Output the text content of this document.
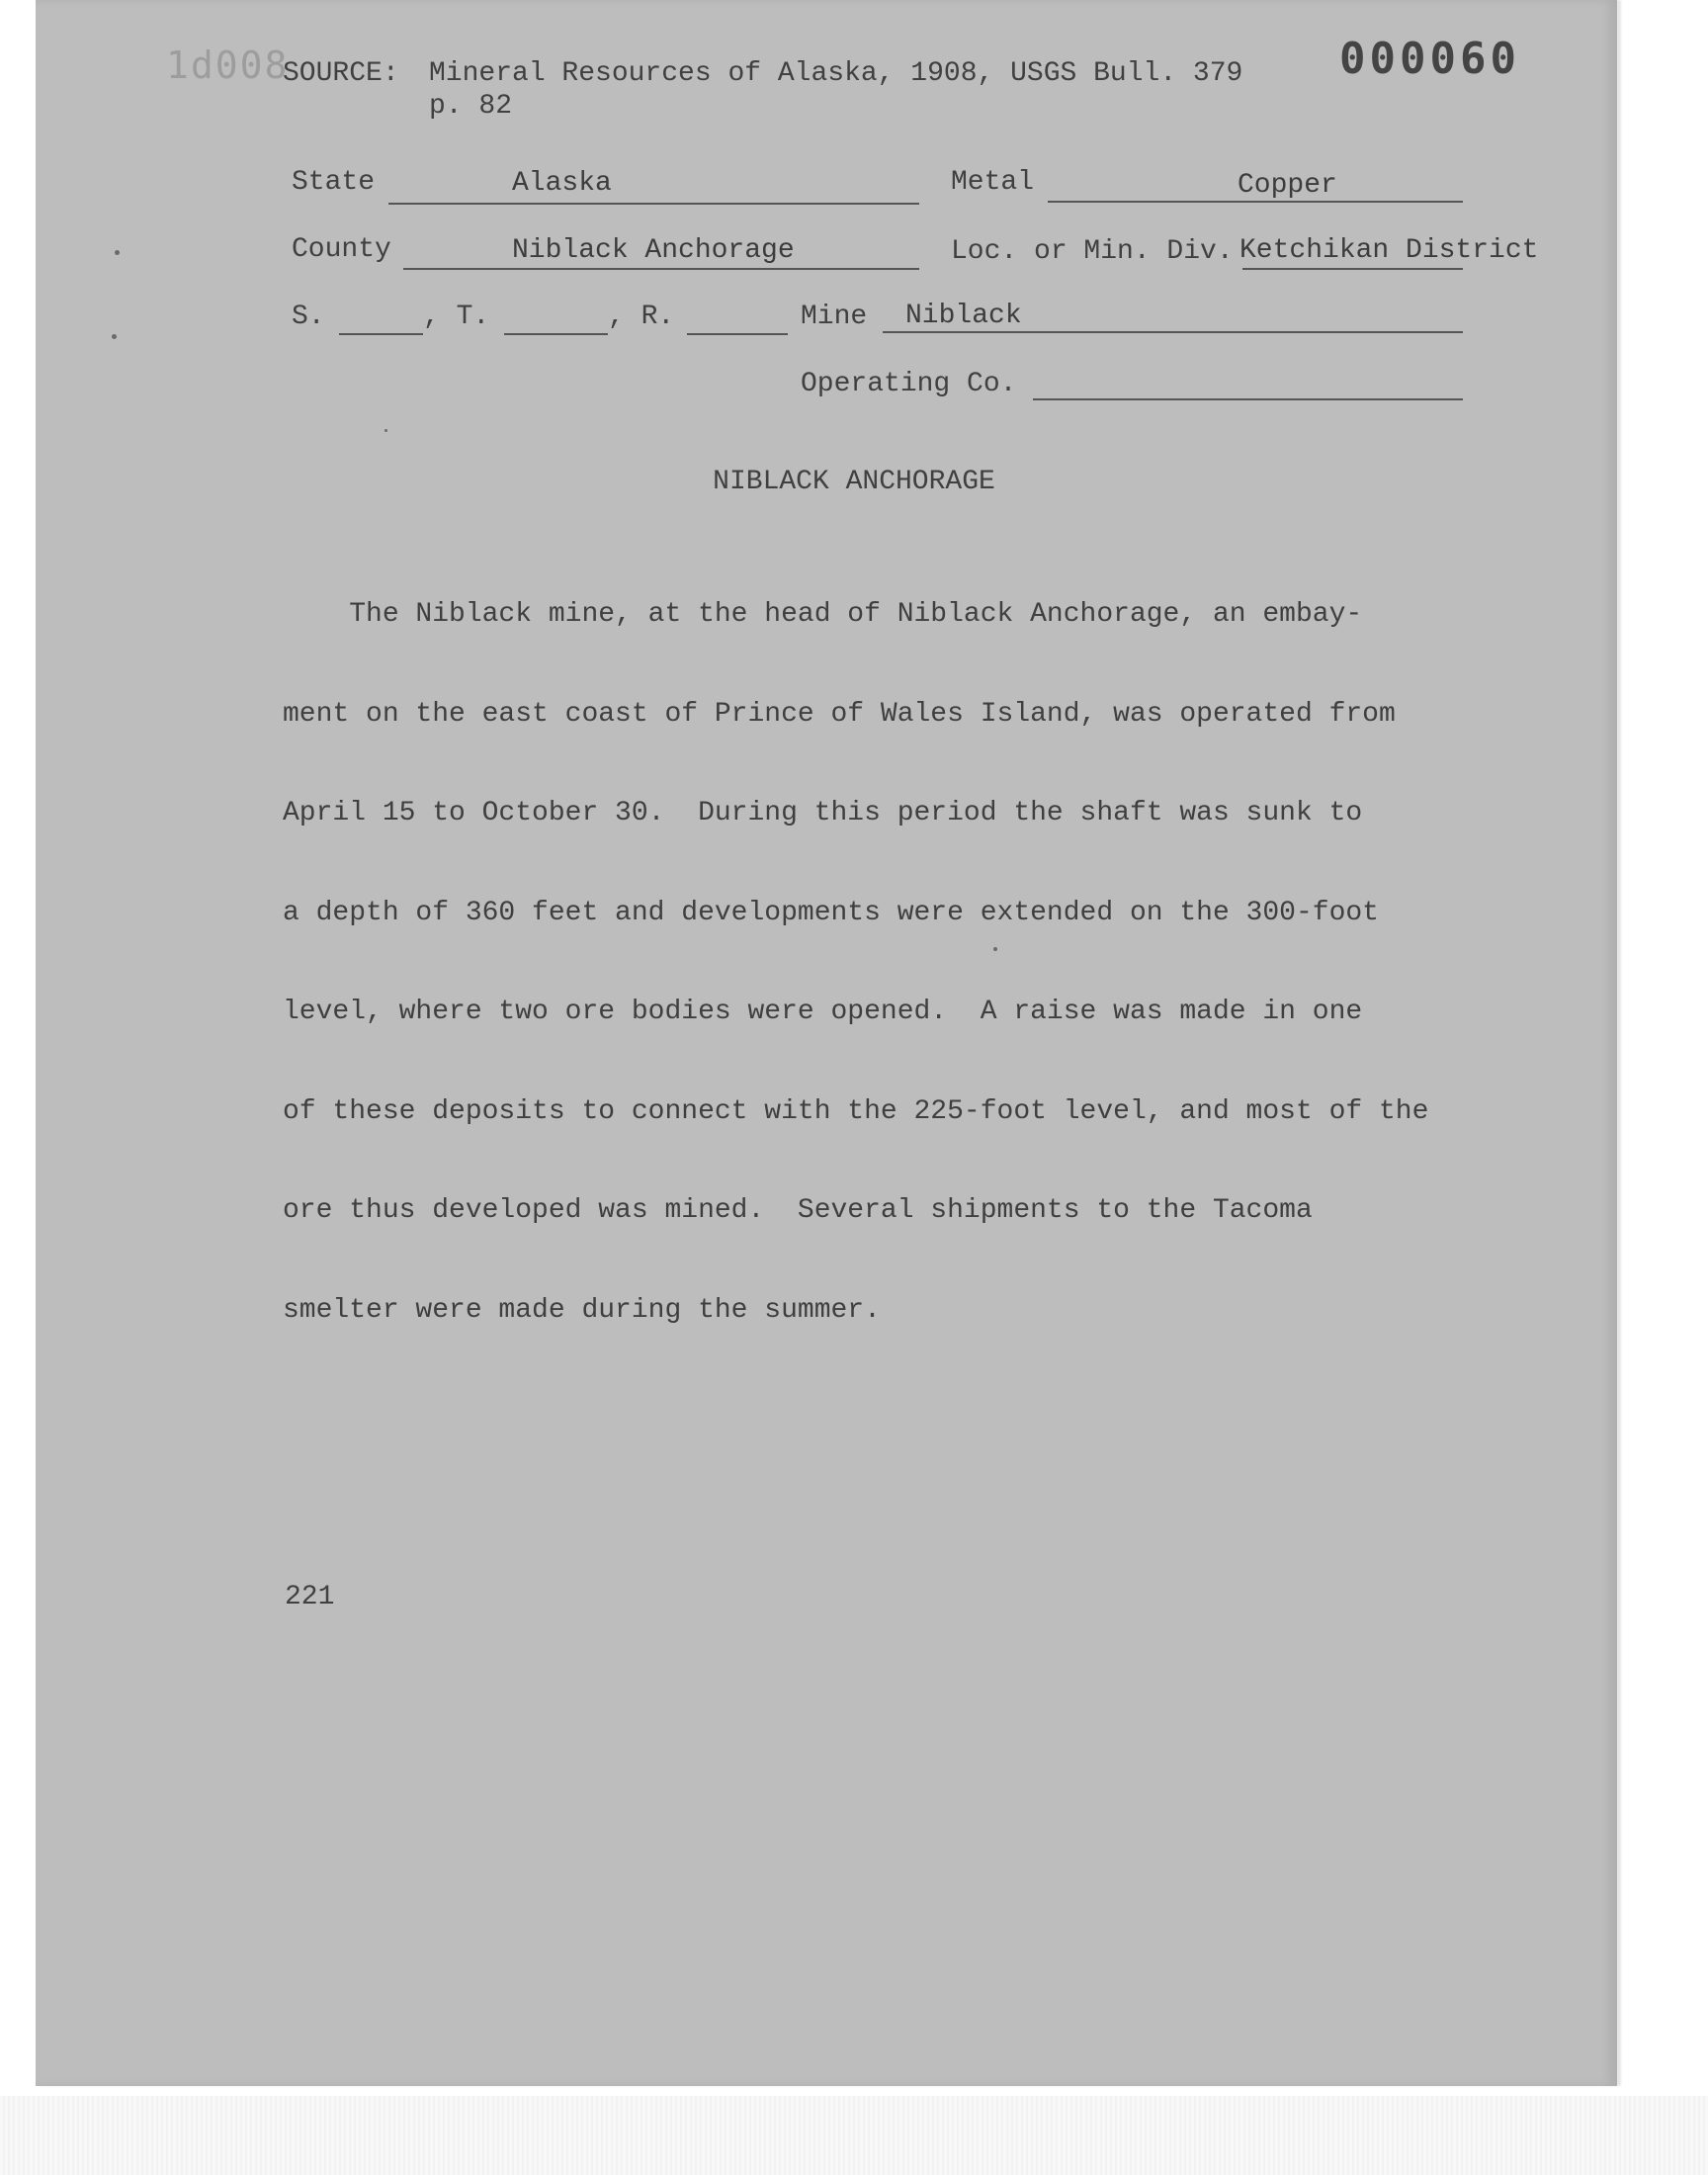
1d008
SOURCE: Mineral Resources of Alaska, 1908, USGS Bull. 379
p. 82
000060
State	Alaska	Metal	Copper
County	Niblack Anchorage	Loc. or Min. Div. Ketchikan District
S.	, T.	, R.	Mine Niblack
Operating Co.
NIBLACK ANCHORAGE

The Niblack mine, at the head of Niblack Anchorage, an embay-

ment on the east coast of Prince of Wales Island, was operated from

April 15 to October 30.  During this period the shaft was sunk to

a depth of 360 feet and developments were extended on the 300-foot

level, where two ore bodies were opened.  A raise was made in one

of these deposits to connect with the 225-foot level, and most of the

ore thus developed was mined.  Several shipments to the Tacoma

smelter were made during the summer.

221
